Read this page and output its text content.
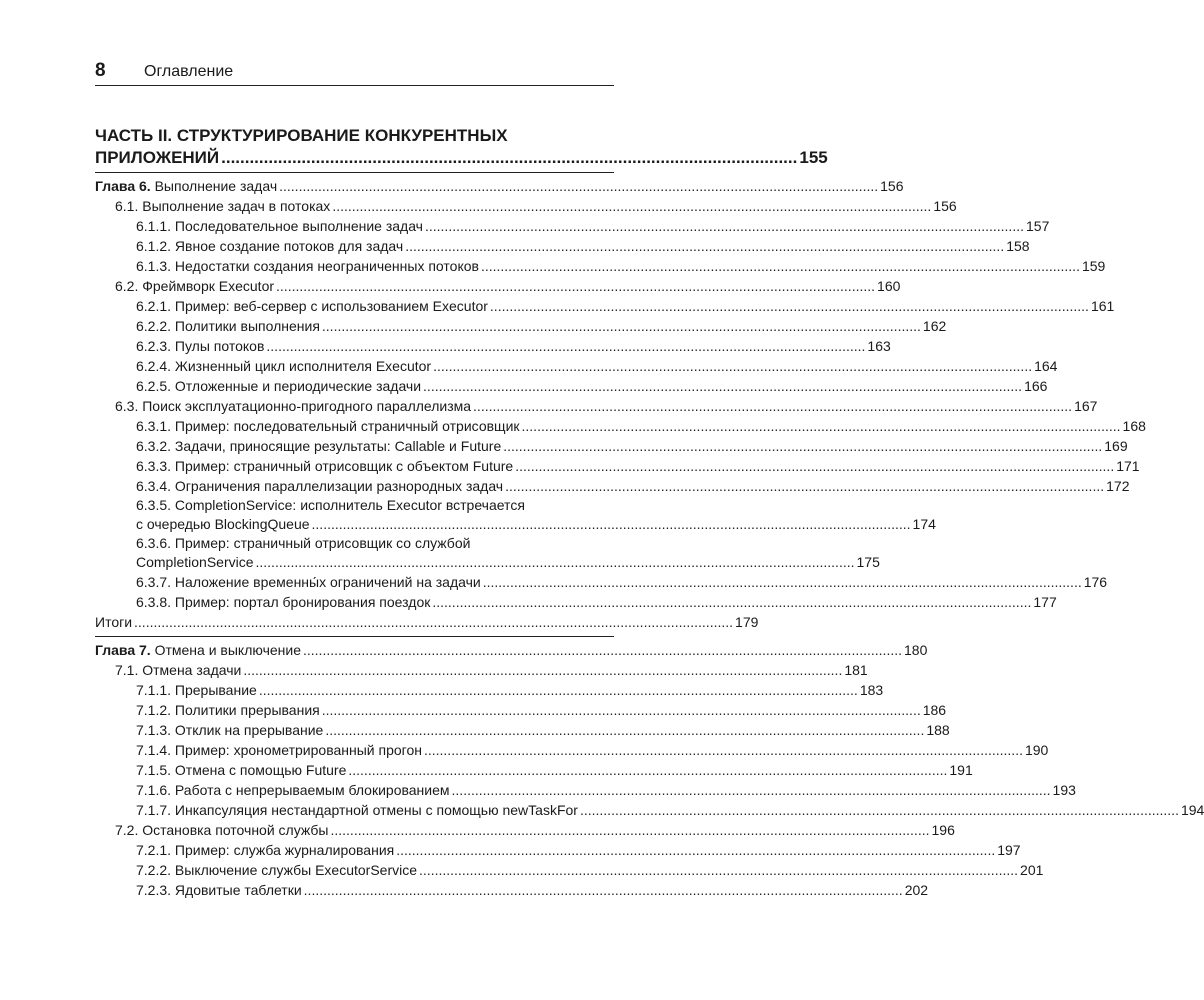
8 Оглавление
ЧАСТЬ II. СТРУКТУРИРОВАНИЕ КОНКУРЕНТНЫХ
ПРИЛОЖЕНИЙ .......................................................................................................................... 155
Глава 6. Выполнение задач .......................................................................................................................................................... 156
6.1. Выполнение задач в потоках .......................................................................................................................................................... 156
6.1.1. Последовательное выполнение задач .......................................................................................................................................................... 157
6.1.2. Явное создание потоков для задач .......................................................................................................................................................... 158
6.1.3. Недостатки создания неограниченных потоков .......................................................................................................................................................... 159
6.2. Фреймворк Executor .......................................................................................................................................................... 160
6.2.1. Пример: веб-сервер с использованием Executor .......................................................................................................................................................... 161
6.2.2. Политики выполнения .......................................................................................................................................................... 162
6.2.3. Пулы потоков .......................................................................................................................................................... 163
6.2.4. Жизненный цикл исполнителя Executor .......................................................................................................................................................... 164
6.2.5. Отложенные и периодические задачи .......................................................................................................................................................... 166
6.3. Поиск эксплуатационно-пригодного параллелизма .......................................................................................................................................................... 167
6.3.1. Пример: последовательный страничный отрисовщик .......................................................................................................................................................... 168
6.3.2. Задачи, приносящие результаты: Callable и Future .......................................................................................................................................................... 169
6.3.3. Пример: страничный отрисовщик с объектом Future .......................................................................................................................................................... 171
6.3.4. Ограничения параллелизации разнородных задач .......................................................................................................................................................... 172
6.3.5. CompletionService: исполнитель Executor встречается
с очередью BlockingQueue .......................................................................................................................................................... 174
6.3.6. Пример: страничный отрисовщик со службой
CompletionService .......................................................................................................................................................... 175
6.3.7. Наложение временны́х ограничений на задачи .......................................................................................................................................................... 176
6.3.8. Пример: портал бронирования поездок .......................................................................................................................................................... 177
Итоги .......................................................................................................................................................... 179
Глава 7. Отмена и выключение .......................................................................................................................................................... 180
7.1. Отмена задачи .......................................................................................................................................................... 181
7.1.1. Прерывание .......................................................................................................................................................... 183
7.1.2. Политики прерывания .......................................................................................................................................................... 186
7.1.3. Отклик на прерывание .......................................................................................................................................................... 188
7.1.4. Пример: хронометрированный прогон .......................................................................................................................................................... 190
7.1.5. Отмена с помощью Future .......................................................................................................................................................... 191
7.1.6. Работа с непрерываемым блокированием .......................................................................................................................................................... 193
7.1.7. Инкапсуляция нестандартной отмены с помощью newTaskFor .......................................................................................................................................................... 194
7.2. Остановка поточной службы .......................................................................................................................................................... 196
7.2.1. Пример: служба журналирования .......................................................................................................................................................... 197
7.2.2. Выключение службы ExecutorService .......................................................................................................................................................... 201
7.2.3. Ядовитые таблетки .......................................................................................................................................................... 202
